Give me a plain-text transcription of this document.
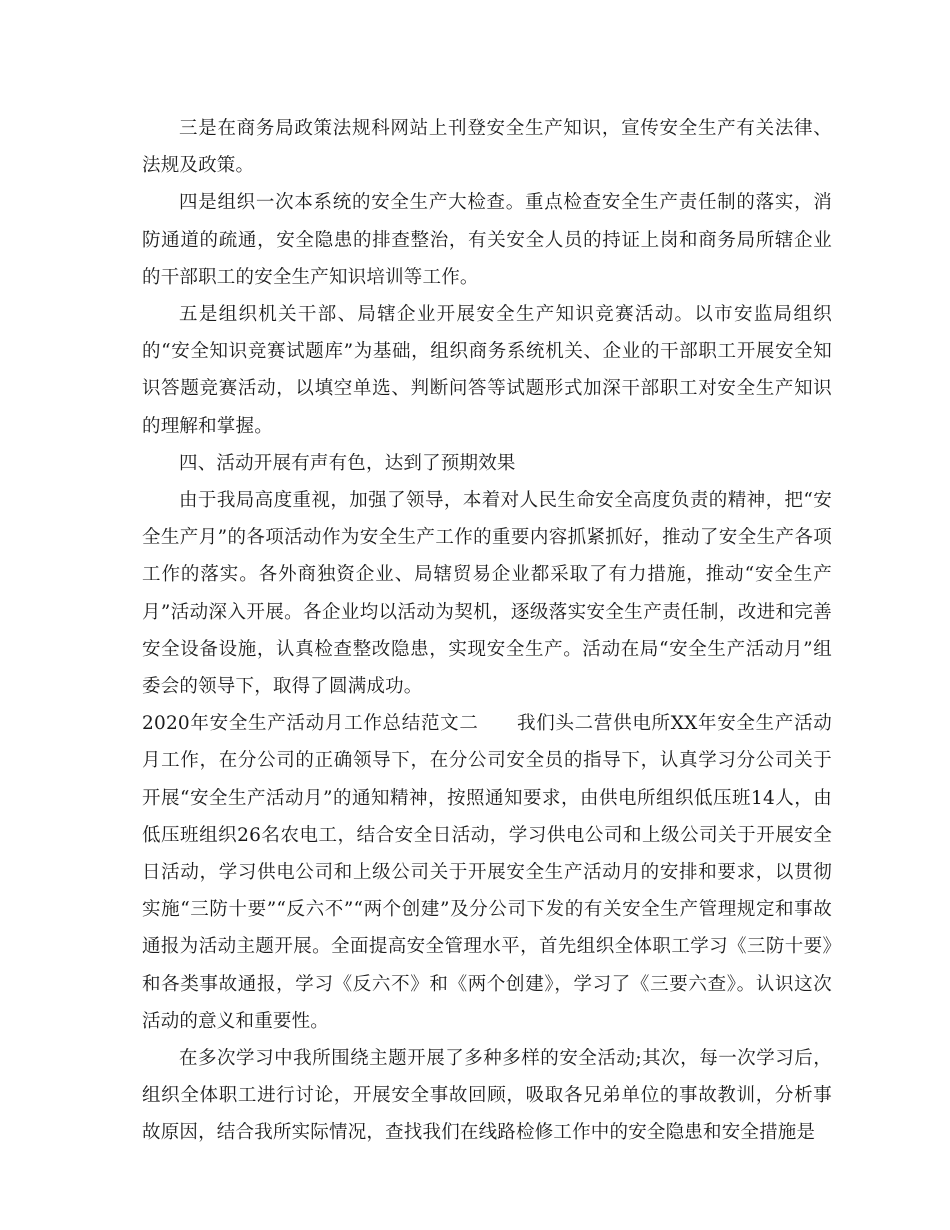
三是在商务局政策法规科网站上刊登安全生产知识，宣传安全生产有关法律、法规及政策。

四是组织一次本系统的安全生产大检查。重点检查安全生产责任制的落实，消防通道的疏通，安全隐患的排查整治，有关安全人员的持证上岗和商务局所辖企业的干部职工的安全生产知识培训等工作。

五是组织机关干部、局辖企业开展安全生产知识竞赛活动。以市安监局组织的“安全知识竞赛试题库”为基础，组织商务系统机关、企业的干部职工开展安全知识答题竞赛活动，以填空单选、判断问答等试题形式加深干部职工对安全生产知识的理解和掌握。

四、活动开展有声有色，达到了预期效果

由于我局高度重视，加强了领导，本着对人民生命安全高度负责的精神，把“安全生产月”的各项活动作为安全生产工作的重要内容抓紧抓好，推动了安全生产各项工作的落实。各外商独资企业、局辖贸易企业都采取了有力措施，推动“安全生产月”活动深入开展。各企业均以活动为契机，逐级落实安全生产责任制，改进和完善安全设备设施，认真检查整改隐患，实现安全生产。活动在局“安全生产活动月”组委会的领导下，取得了圆满成功。

2020年安全生产活动月工作总结范文二　　我们头二营供电所XX年安全生产活动月工作，在分公司的正确领导下，在分公司安全员的指导下，认真学习分公司关于开展“安全生产活动月”的通知精神，按照通知要求，由供电所组织低压班14人，由低压班组织26名农电工，结合安全日活动，学习供电公司和上级公司关于开展安全日活动，学习供电公司和上级公司关于开展安全生产活动月的安排和要求，以贯彻实施“三防十要”“反六不”“两个创建”及分公司下发的有关安全生产管理规定和事故通报为活动主题开展。全面提高安全管理水平，首先组织全体职工学习《三防十要》和各类事故通报，学习《反六不》和《两个创建》，学习了《三要六查》。认识这次活动的意义和重要性。

在多次学习中我所围绕主题开展了多种多样的安全活动;其次，每一次学习后，组织全体职工进行讨论，开展安全事故回顾，吸取各兄弟单位的事故教训，分析事故原因，结合我所实际情况，查找我们在线路检修工作中的安全隐患和安全措施是
